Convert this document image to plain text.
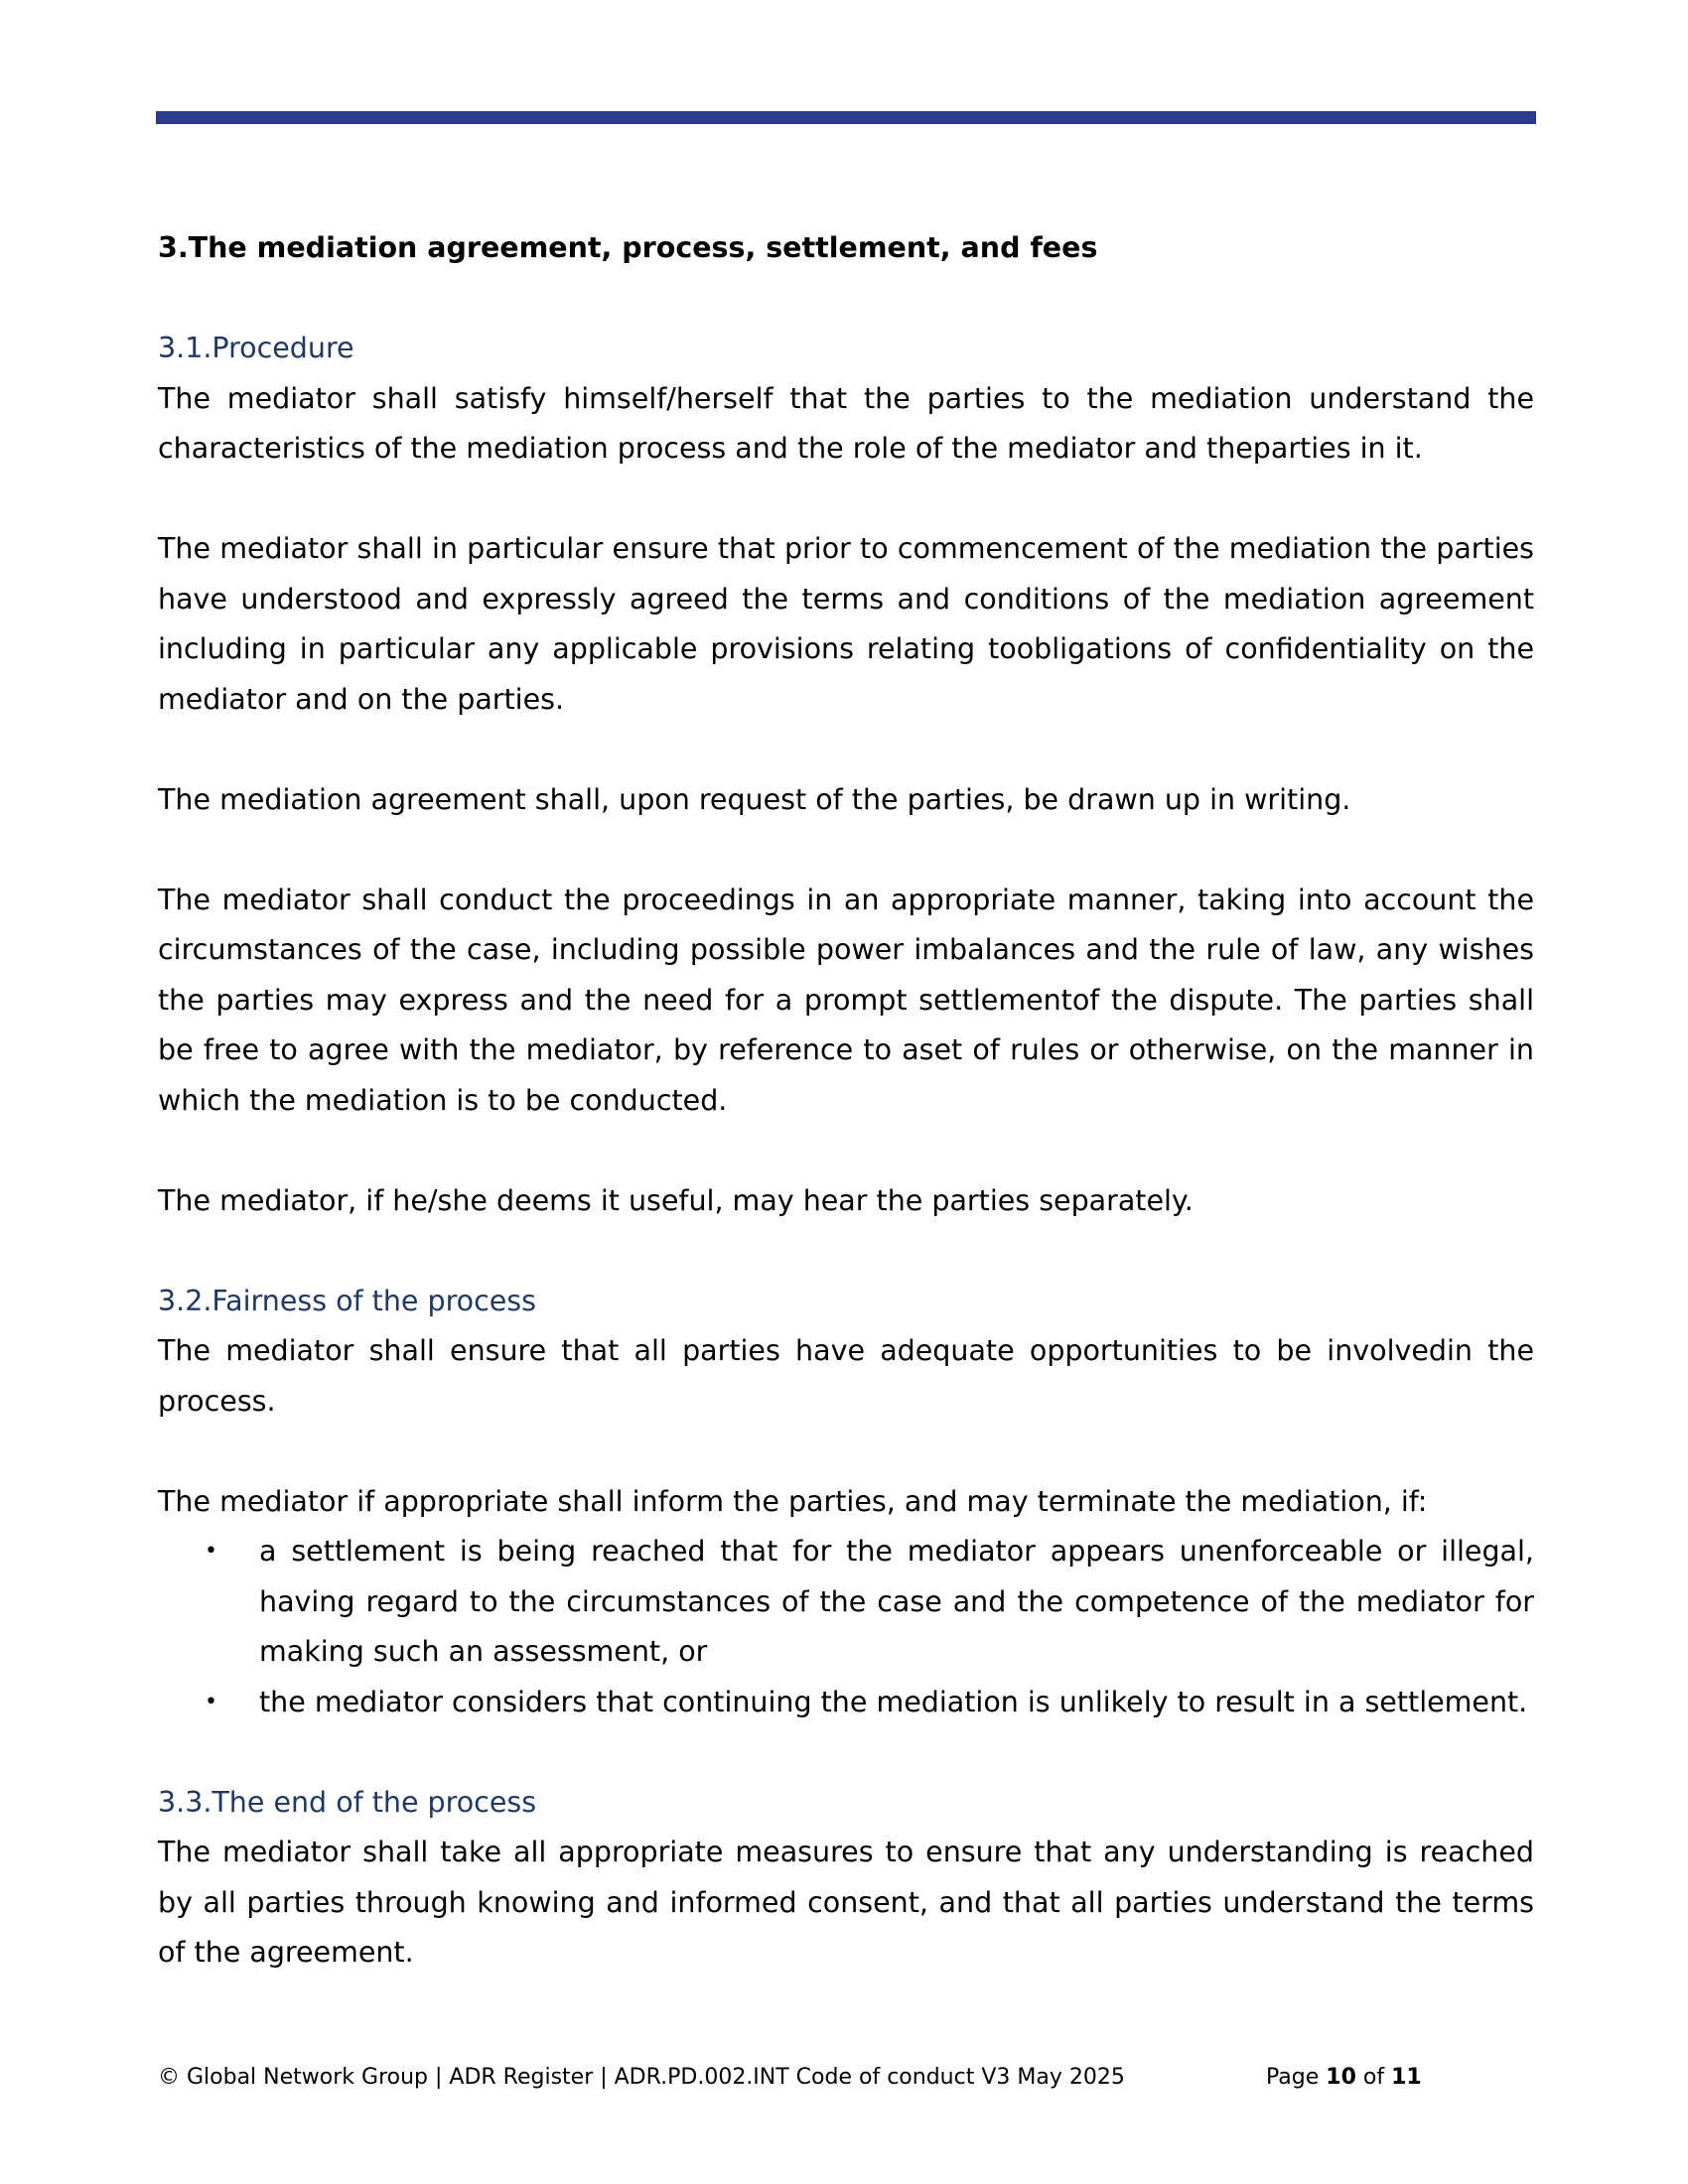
3.The mediation agreement, process, settlement, and fees
3.1.Procedure

The mediator shall satisfy himself/herself that the parties to the mediation understand the characteristics of the mediation process and the role of the mediator and theparties in it.

The mediator shall in particular ensure that prior to commencement of the mediation the parties have understood and expressly agreed the terms and conditions of the mediation agreement including in particular any applicable provisions relating toobligations of confidentiality on the mediator and on the parties.

The mediation agreement shall, upon request of the parties, be drawn up in writing.

The mediator shall conduct the proceedings in an appropriate manner, taking into account the circumstances of the case, including possible power imbalances and the rule of law, any wishes the parties may express and the need for a prompt settlementof the dispute. The parties shall be free to agree with the mediator, by reference to aset of rules or otherwise, on the manner in which the mediation is to be conducted.

The mediator, if he/she deems it useful, may hear the parties separately.

3.2.Fairness of the process

The mediator shall ensure that all parties have adequate opportunities to be involvedin the process.

The mediator if appropriate shall inform the parties, and may terminate the mediation, if:

• a settlement is being reached that for the mediator appears unenforceable or illegal, having regard to the circumstances of the case and the competence of the mediator for making such an assessment, or
• the mediator considers that continuing the mediation is unlikely to result in a settlement.
3.3.The end of the process

The mediator shall take all appropriate measures to ensure that any understanding is reached by all parties through knowing and informed consent, and that all parties understand the terms of the agreement.

© Global Network Group | ADR Register | ADR.PD.002.INT Code of conduct V3 May 2025	Page 10 of 11
